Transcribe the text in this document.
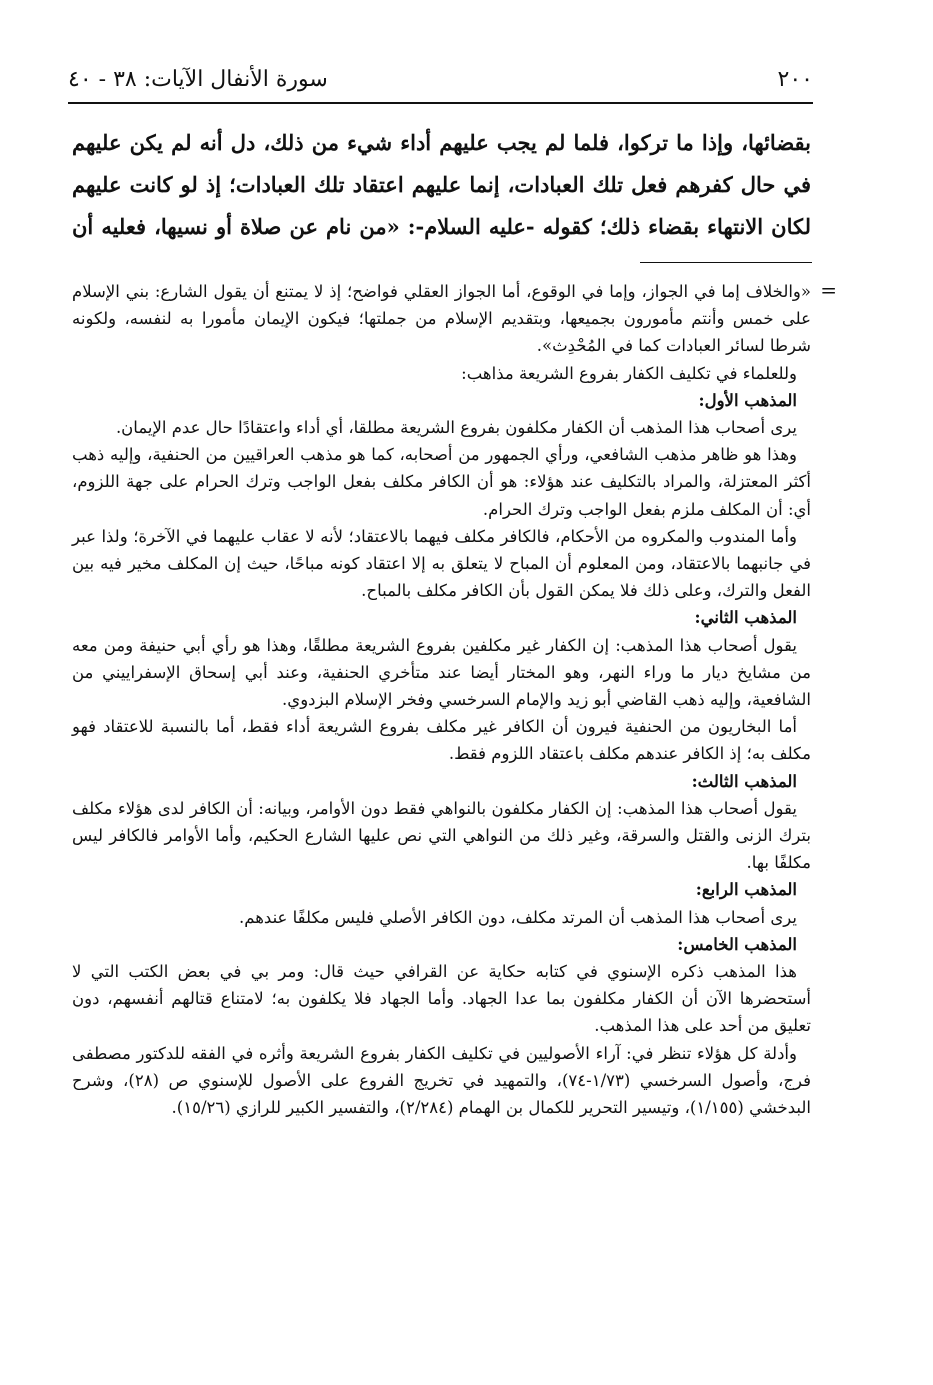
٢٠٠
سورة الأنفال الآيات: ٣٨ - ٤٠
بقضائها، وإذا ما تركوا، فلما لم يجب عليهم أداء شيء من ذلك، دل أنه لم يكن عليهم
في حال كفرهم فعل تلك العبادات، إنما عليهم اعتقاد تلك العبادات؛ إذ لو كانت عليهم
لكان الانتهاء بقضاء ذلك؛ كقوله -عليه السلام-: «من نام عن صلاة أو نسيها، فعليه أن
=

«والخلاف إما في الجواز، وإما في الوقوع، أما الجواز العقلي فواضح؛ إذ لا يمتنع أن يقول الشارع: بني الإسلام على خمس وأنتم مأمورون بجميعها، وبتقديم الإسلام من جملتها؛ فيكون الإيمان مأمورا به لنفسه، ولكونه شرطا لسائر العبادات كما في المُحْدِث».

وللعلماء في تكليف الكفار بفروع الشريعة مذاهب:

المذهب الأول:

يرى أصحاب هذا المذهب أن الكفار مكلفون بفروع الشريعة مطلقا، أي أداء واعتقادًا حال عدم الإيمان.

وهذا هو ظاهر مذهب الشافعي، ورأي الجمهور من أصحابه، كما هو مذهب العراقيين من الحنفية، وإليه ذهب أكثر المعتزلة، والمراد بالتكليف عند هؤلاء: هو أن الكافر مكلف بفعل الواجب وترك الحرام على جهة اللزوم، أي: أن المكلف ملزم بفعل الواجب وترك الحرام.

وأما المندوب والمكروه من الأحكام، فالكافر مكلف فيهما بالاعتقاد؛ لأنه لا عقاب عليهما في الآخرة؛ ولذا عبر في جانبهما بالاعتقاد، ومن المعلوم أن المباح لا يتعلق به إلا اعتقاد كونه مباحًا، حيث إن المكلف مخير فيه بين الفعل والترك، وعلى ذلك فلا يمكن القول بأن الكافر مكلف بالمباح.

المذهب الثاني:

يقول أصحاب هذا المذهب: إن الكفار غير مكلفين بفروع الشريعة مطلقًا، وهذا هو رأي أبي حنيفة ومن معه من مشايخ ديار ما وراء النهر، وهو المختار أيضا عند متأخري الحنفية، وعند أبي إسحاق الإسفراييني من الشافعية، وإليه ذهب القاضي أبو زيد والإمام السرخسي وفخر الإسلام البزدوي.

أما البخاريون من الحنفية فيرون أن الكافر غير مكلف بفروع الشريعة أداء فقط، أما بالنسبة للاعتقاد فهو مكلف به؛ إذ الكافر عندهم مكلف باعتقاد اللزوم فقط.

المذهب الثالث:

يقول أصحاب هذا المذهب: إن الكفار مكلفون بالنواهي فقط دون الأوامر، وبيانه: أن الكافر لدى هؤلاء مكلف بترك الزنى والقتل والسرقة، وغير ذلك من النواهي التي نص عليها الشارع الحكيم، وأما الأوامر فالكافر ليس مكلفًا بها.

المذهب الرابع:

يرى أصحاب هذا المذهب أن المرتد مكلف، دون الكافر الأصلي فليس مكلفًا عندهم.

المذهب الخامس:

هذا المذهب ذكره الإسنوي في كتابه حكاية عن القرافي حيث قال: ومر بي في بعض الكتب التي لا أستحضرها الآن أن الكفار مكلفون بما عدا الجهاد. وأما الجهاد فلا يكلفون به؛ لامتناع قتالهم أنفسهم، دون تعليق من أحد على هذا المذهب.

وأدلة كل هؤلاء تنظر في: آراء الأصوليين في تكليف الكفار بفروع الشريعة وأثره في الفقه للدكتور مصطفى فرج، وأصول السرخسي (١/٧٣-٧٤)، والتمهيد في تخريج الفروع على الأصول للإسنوي ص (٢٨)، وشرح البدخشي (١/١٥٥)، وتيسير التحرير للكمال بن الهمام (٢/٢٨٤)، والتفسير الكبير للرازي (١٥/٢٦).
